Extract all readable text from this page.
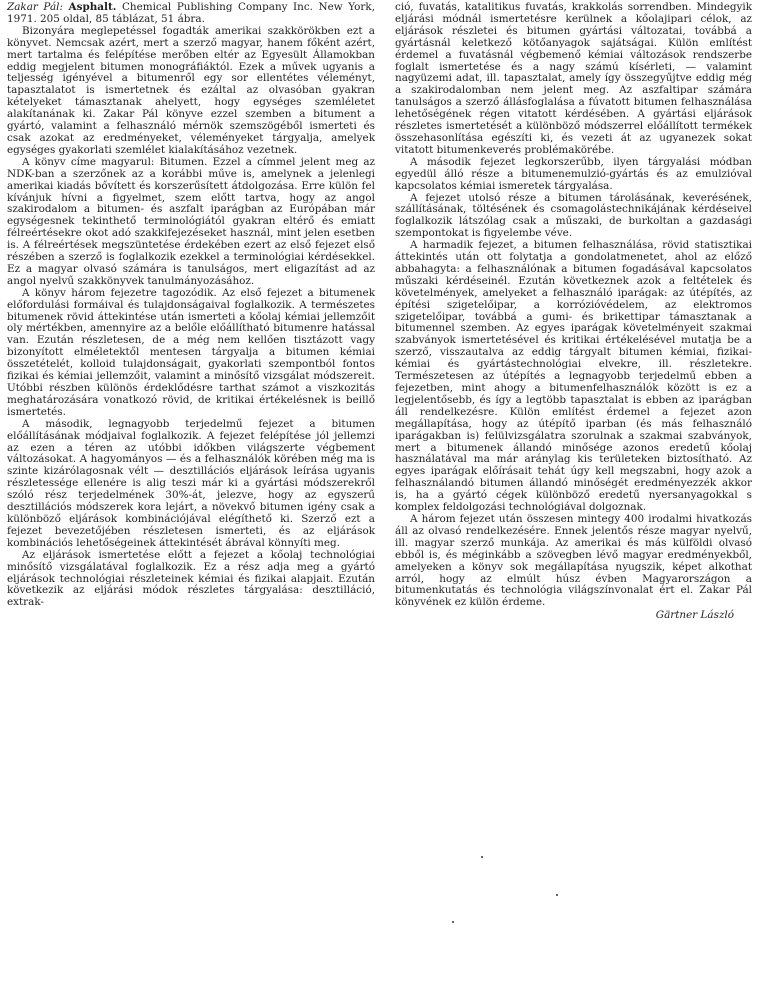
Zakar Pál: Asphalt. Chemical Publishing Company Inc. New York, 1971. 205 oldal, 85 táblázat, 51 ábra.

Bizonyára meglepetéssel fogadták amerikai szakkörökben ezt a könyvet. Nemcsak azért, mert a szerző magyar, hanem főként azért, mert tartalma és felépítése merőben eltér az Egyesült Államokban eddig megjelent bitumen monográfiáktól. Ezek a művek ugyanis a teljesség igényével a bitumenről egy sor ellentétes véleményt, tapasztalatot is ismertetnek és ezáltal az olvasóban gyakran kételyeket támasztanak ahelyett, hogy egységes szemléletet alakítanának ki. Zakar Pál könyve ezzel szemben a bitument a gyártó, valamint a felhasználó mérnök szemszögéből ismerteti és csak azokat az eredményeket, véleményeket tárgyalja, amelyek egységes gyakorlati szemlélet kialakításához vezetnek.

A könyv címe magyarul: Bitumen. Ezzel a címmel jelent meg az NDK-ban a szerzőnek az a korábbi műve is, amelynek a jelenlegi amerikai kiadás bővített és korszerűsített átdolgozása. Erre külön fel kívánjuk hívni a figyelmet, szem előtt tartva, hogy az angol szakirodalom a bitumen- és aszfalt iparágban az Európában már egységesnek tekinthető terminológiától gyakran eltérő és emiatt félreértésekre okot adó szakkifejezéseket használ, mint jelen esetben is. A félreértések megszüntetése érdekében ezert az első fejezet első részében a szerző is foglalkozik ezekkel a terminológiai kérdésekkel. Ez a magyar olvasó számára is tanulságos, mert eligazítást ad az angol nyelvű szakkönyvek tanulmányozásához.

A könyv három fejezetre tagozódik. Az első fejezet a bitumenek előfordulási formáival és tulajdonságaival foglalkozik. A természetes bitumenek rövid áttekintése után ismerteti a kőolaj kémiai jellemzőit oly mértékben, amennyire az a belőle előállítható bitumenre hatással van. Ezután részletesen, de a még nem kellően tisztázott vagy bizonyított elméletektől mentesen tárgyalja a bitumen kémiai összetételét, kolloid tulajdonságait, gyakorlati szempontból fontos fizikai és kémiai jellemzőit, valamint a minősítő vizsgálat módszereit. Utóbbi részben különös érdeklődésre tarthat számot a viszkozitás meghatározására vonatkozó rövid, de kritikai értékelésnek is beillő ismertetés.

A második, legnagyobb terjedelmű fejezet a bitumen előállításának módjaival foglalkozik. A fejezet felépítése jól jellemzi az ezen a téren az utóbbi időkben világszerte végbement változásokat. A hagyományos — és a felhasználók körében még ma is szinte kizárólagosnak vélt — desztillációs eljárások leírása ugyanis részletessége ellenére is alig teszi már ki a gyártási módszerekről szóló rész terjedelmének 30%-át, jelezve, hogy az egyszerű desztillációs módszerek kora lejárt, a növekvő bitumen igény csak a különböző eljárások kombinációjával elégíthető ki. Szerző ezt a fejezet bevezetőjében részletesen ismerteti, és az eljárások kombinációs lehetőségeinek áttekintését ábrával könnyíti meg.

Az eljárások ismertetése előtt a fejezet a kőolaj technológiai minősítő vizsgálatával foglalkozik. Ez a rész adja meg a gyártó eljárások technológiai részleteinek kémiai és fizikai alapjait. Ezután következik az eljárási módok részletes tárgyalása: desztilláció, extrak-

ció, fuvatás, katalitikus fuvatás, krakkolás sorrendben. Mindegyik eljárási módnál ismertetésre kerülnek a kőolajipari célok, az eljárások részletei és bitumen gyártási változatai, továbbá a gyártásnál keletkező kötőanyagok sajátságai. Külön említést érdemel a fuvatásnál végbemenő kémiai változások rendszerbe foglalt ismertetése és a nagy számú kísérleti, — valamint nagyüzemi adat, ill. tapasztalat, amely így összegyűjtve eddig még a szakirodalomban nem jelent meg. Az aszfaltipar számára tanulságos a szerző állásfoglalása a fúvatott bitumen felhasználása lehetőségének régen vitatott kérdésében. A gyártási eljárások részletes ismertetését a különböző módszerrel előállított termékek összehasonlítása egészíti ki, és vezeti át az ugyanezek sokat vitatott bitumenkeverés problémakörébe.

A második fejezet legkorszerűbb, ilyen tárgyalási módban egyedül álló része a bitumenemulzió-gyártás és az emulzióval kapcsolatos kémiai ismeretek tárgyalása.

A fejezet utolsó része a bitumen tárolásának, keverésének, szállításának, töltésének és csomagolástechnikájának kérdéseivel foglalkozik látszólag csak a műszaki, de burkoltan a gazdasági szempontokat is figyelembe véve.

A harmadik fejezet, a bitumen felhasználása, rövid statisztikai áttekintés után ott folytatja a gondolatmenetet, ahol az előző abbahagyta: a felhasználónak a bitumen fogadásával kapcsolatos műszaki kérdéseinél. Ezután következnek azok a feltételek és követelmények, amelyeket a felhasználó iparágak: az útépítés, az építési szigetelőipar, a korrózióvédelem, az elektromos szigetelőipar, továbbá a gumi- és brikettipar támasztanak a bitumennel szemben. Az egyes iparágak követelményeit szakmai szabványok ismertetésével és kritikai értékelésével mutatja be a szerző, visszautalva az eddig tárgyalt bitumen kémiai, fizikai-kémiai és gyártástechnológiai elvekre, ill. részletekre. Természetesen az útépítés a legnagyobb terjedelmű ebben a fejezetben, mint ahogy a bitumenfelhasználók között is ez a legjelentősebb, és így a legtöbb tapasztalat is ebben az iparágban áll rendelkezésre. Külön említést érdemel a fejezet azon megállapítása, hogy az útépítő iparban (és más felhasználó iparágakban is) felülvizsgálatra szorulnak a szakmai szabványok, mert a bitumenek állandó minősége azonos eredetű kőolaj használatával ma már aránylag kis területeken biztosítható. Az egyes iparágak előírásait tehát úgy kell megszabni, hogy azok a felhasználandó bitumen állandó minőségét eredményezzék akkor is, ha a gyártó cégek különböző eredetű nyersanyagokkal s komplex feldolgozási technológiával dolgoznak.

A három fejezet után összesen mintegy 400 irodalmi hivatkozás áll az olvasó rendelkezésére. Ennek jelentős része magyar nyelvű, ill. magyar szerző munkája. Az amerikai és más külföldi olvasó ebből is, és méginkább a szövegben lévő magyar eredményekből, amelyeken a könyv sok megállapítása nyugszik, képet alkothat arról, hogy az elmúlt húsz évben Magyarországon a bitumenkutatás és technológia világszínvonalat ért el. Zakar Pál könyvének ez külön érdeme.

Gärtner László
